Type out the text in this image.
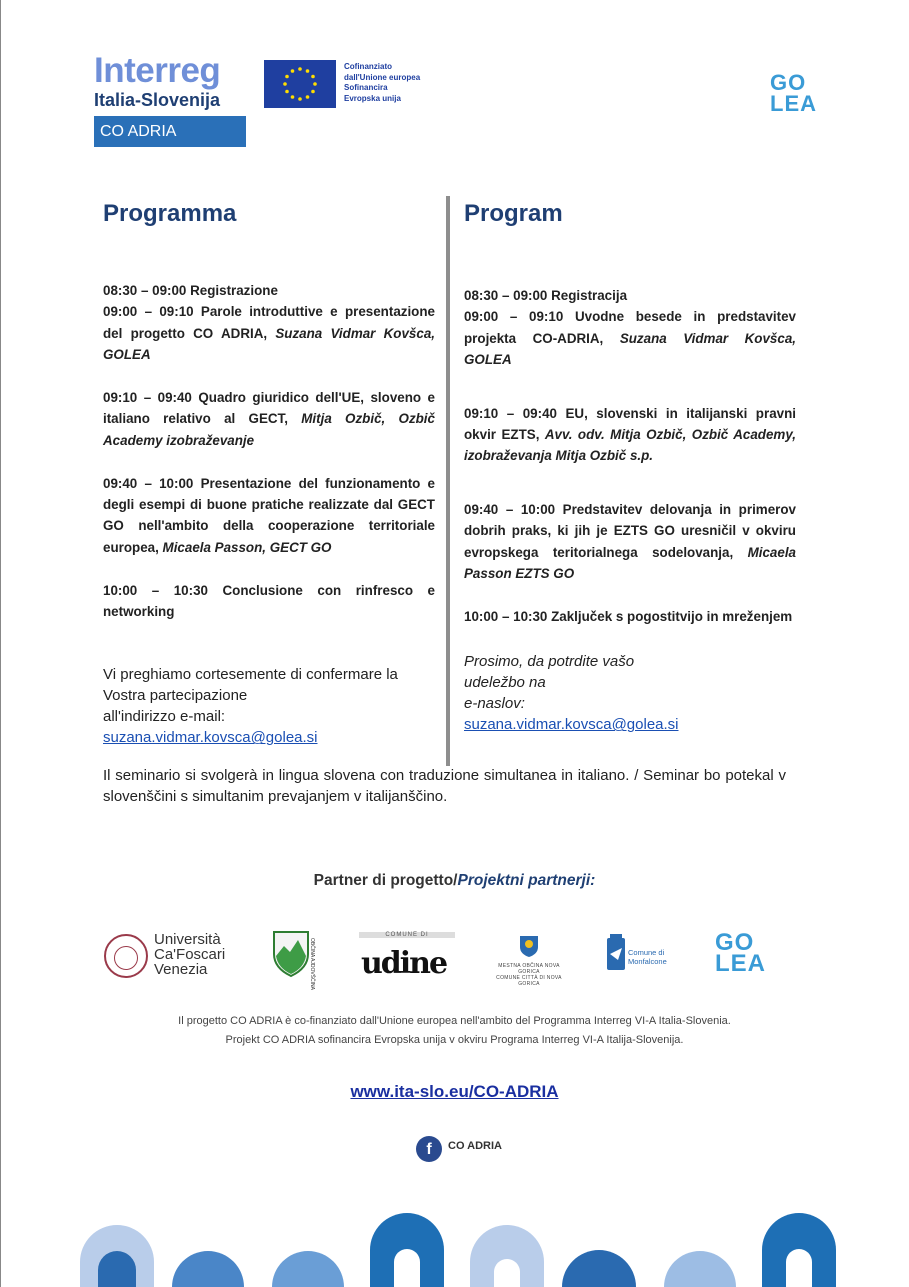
Interreg
Italia-Slovenija
CO ADRIA
Cofinanziato
dall'Unione europea
Sofinancira
Evropska unija
GO
LEA
Programma
08:30 – 09:00 Registrazione
09:00 – 09:10 Parole introduttive e presentazione del progetto CO ADRIA, Suzana Vidmar Kovšca, GOLEA
09:10 – 09:40 Quadro giuridico dell'UE, sloveno e italiano relativo al GECT, Mitja Ozbič, Ozbič Academy izobraževanje
09:40 – 10:00 Presentazione del funzionamento e degli esempi di buone pratiche realizzate dal GECT GO nell'ambito della cooperazione territoriale europea, Micaela Passon, GECT GO
10:00 – 10:30 Conclusione con rinfresco e networking
Vi preghiamo cortesemente di confermare la
Vostra partecipazione
all'indirizzo e-mail:
suzana.vidmar.kovsca@golea.si
Program
08:30 – 09:00 Registracija
09:00 – 09:10 Uvodne besede in predstavitev projekta CO-ADRIA, Suzana Vidmar Kovšca, GOLEA
09:10 – 09:40 EU, slovenski in italijanski pravni okvir EZTS, Avv. odv. Mitja Ozbič, Ozbič Academy, izobraževanja Mitja Ozbič s.p.
09:40 – 10:00 Predstavitev delovanja in primerov dobrih praks, ki jih je EZTS GO uresničil v okviru evropskega teritorialnega sodelovanja, Micaela Passon EZTS GO
10:00 – 10:30 Zaključek s pogostitvijo in mreženjem
Prosimo, da potrdite vašo
udeležbo na
e-naslov:
suzana.vidmar.kovsca@golea.si
Il seminario si svolgerà in lingua slovena con traduzione simultanea in italiano. / Seminar bo potekal v slovenščini s simultanim prevajanjem v italijanščino.
Partner di progetto/Projektni partnerji:
Università
Ca'Foscari
Venezia	OBČINA AJDOVŠČINA
COMUNE DI
udine	MESTNA OBČINA NOVA GORICA
COMUNE CITTÀ DI NOVA GORICA
Comune di
Monfalcone
GO
LEA
Il progetto CO ADRIA è co-finanziato dall'Unione europea nell'ambito del Programma Interreg VI-A Italia-Slovenia.
Projekt CO ADRIA sofinancira Evropska unija v okviru Programa Interreg VI-A Italija-Slovenija.
www.ita-slo.eu/CO-ADRIA
f	CO ADRIA
